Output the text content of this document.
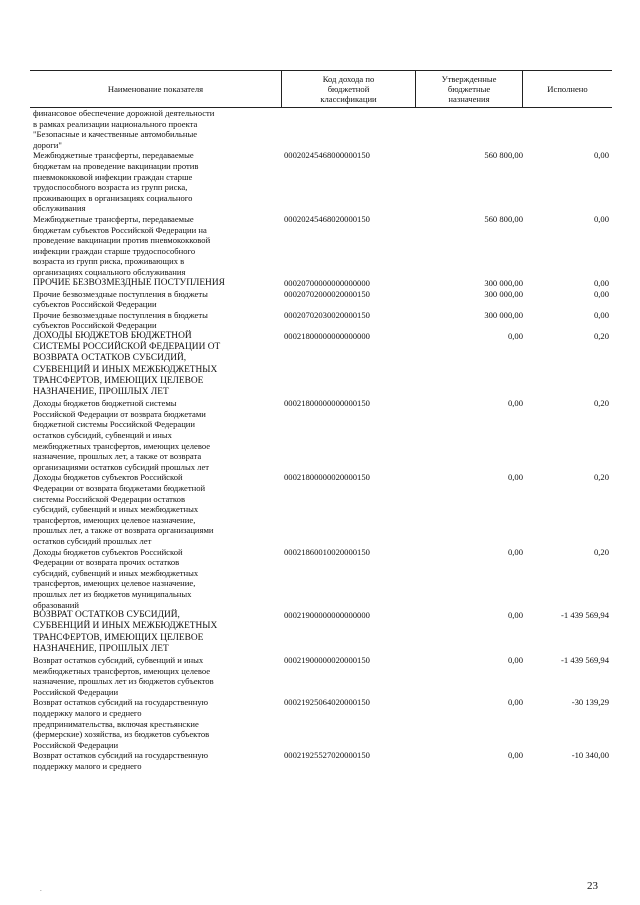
Наименование показателя
Код дохода по
бюджетной
классификации
Утвержденные
бюджетные
назначения
Исполнено
финансовое обеспечение дорожной деятельности
в рамках реализации национального проекта
"Безопасные и качественные автомобильные
дороги"
Межбюджетные трансферты, передаваемые
бюджетам на проведение вакцинации против
пневмококковой инфекции граждан старше
трудоспособного возраста из групп риска,
проживающих в организациях социального
обслуживания
00020245468000000150	560 800,00	0,00
Межбюджетные трансферты, передаваемые
бюджетам субъектов Российской Федерации на
проведение вакцинации против пневмококковой
инфекции граждан старше трудоспособного
возраста из групп риска, проживающих в
организациях социального обслуживания
00020245468020000150	560 800,00	0,00
ПРОЧИЕ БЕЗВОЗМЕЗДНЫЕ ПОСТУПЛЕНИЯ	00020700000000000000	300 000,00	0,00
Прочие безвозмездные поступления в бюджеты
субъектов Российской Федерации
00020702000020000150	300 000,00	0,00
Прочие безвозмездные поступления в бюджеты
субъектов Российской Федерации
00020702030020000150	300 000,00	0,00
ДОХОДЫ БЮДЖЕТОВ БЮДЖЕТНОЙ
СИСТЕМЫ РОССИЙСКОЙ ФЕДЕРАЦИИ ОТ
ВОЗВРАТА ОСТАТКОВ СУБСИДИЙ,
СУБВЕНЦИЙ И ИНЫХ МЕЖБЮДЖЕТНЫХ
ТРАНСФЕРТОВ, ИМЕЮЩИХ ЦЕЛЕВОЕ
НАЗНАЧЕНИЕ, ПРОШЛЫХ ЛЕТ
00021800000000000000	0,00	0,20
Доходы бюджетов бюджетной системы
Российской Федерации от возврата бюджетами
бюджетной системы Российской Федерации
остатков субсидий, субвенций и иных
межбюджетных трансфертов, имеющих целевое
назначение, прошлых лет, а также от возврата
организациями остатков субсидий прошлых лет
00021800000000000150	0,00	0,20
Доходы бюджетов субъектов Российской
Федерации от возврата бюджетами бюджетной
системы Российской Федерации остатков
субсидий, субвенций и иных межбюджетных
трансфертов, имеющих целевое назначение,
прошлых лет, а также от возврата организациями
остатков субсидий прошлых лет
00021800000020000150	0,00	0,20
Доходы бюджетов субъектов Российской
Федерации от возврата прочих остатков
субсидий, субвенций и иных межбюджетных
трансфертов, имеющих целевое назначение,
прошлых лет из бюджетов муниципальных
образований
00021860010020000150	0,00	0,20
ВОЗВРАТ ОСТАТКОВ СУБСИДИЙ,
СУБВЕНЦИЙ И ИНЫХ МЕЖБЮДЖЕТНЫХ
ТРАНСФЕРТОВ, ИМЕЮЩИХ ЦЕЛЕВОЕ
НАЗНАЧЕНИЕ, ПРОШЛЫХ ЛЕТ
00021900000000000000	0,00	-1 439 569,94
Возврат остатков субсидий, субвенций и иных
межбюджетных трансфертов, имеющих целевое
назначение, прошлых лет из бюджетов субъектов
Российской Федерации
00021900000020000150	0,00	-1 439 569,94
Возврат остатков субсидий на государственную
поддержку малого и среднего
предпринимательства, включая крестьянские
(фермерские) хозяйства, из бюджетов субъектов
Российской Федерации
00021925064020000150	0,00	-30 139,29
Возврат остатков субсидий на государственную
поддержку малого и среднего
00021925527020000150	0,00	-10 340,00
.	23
